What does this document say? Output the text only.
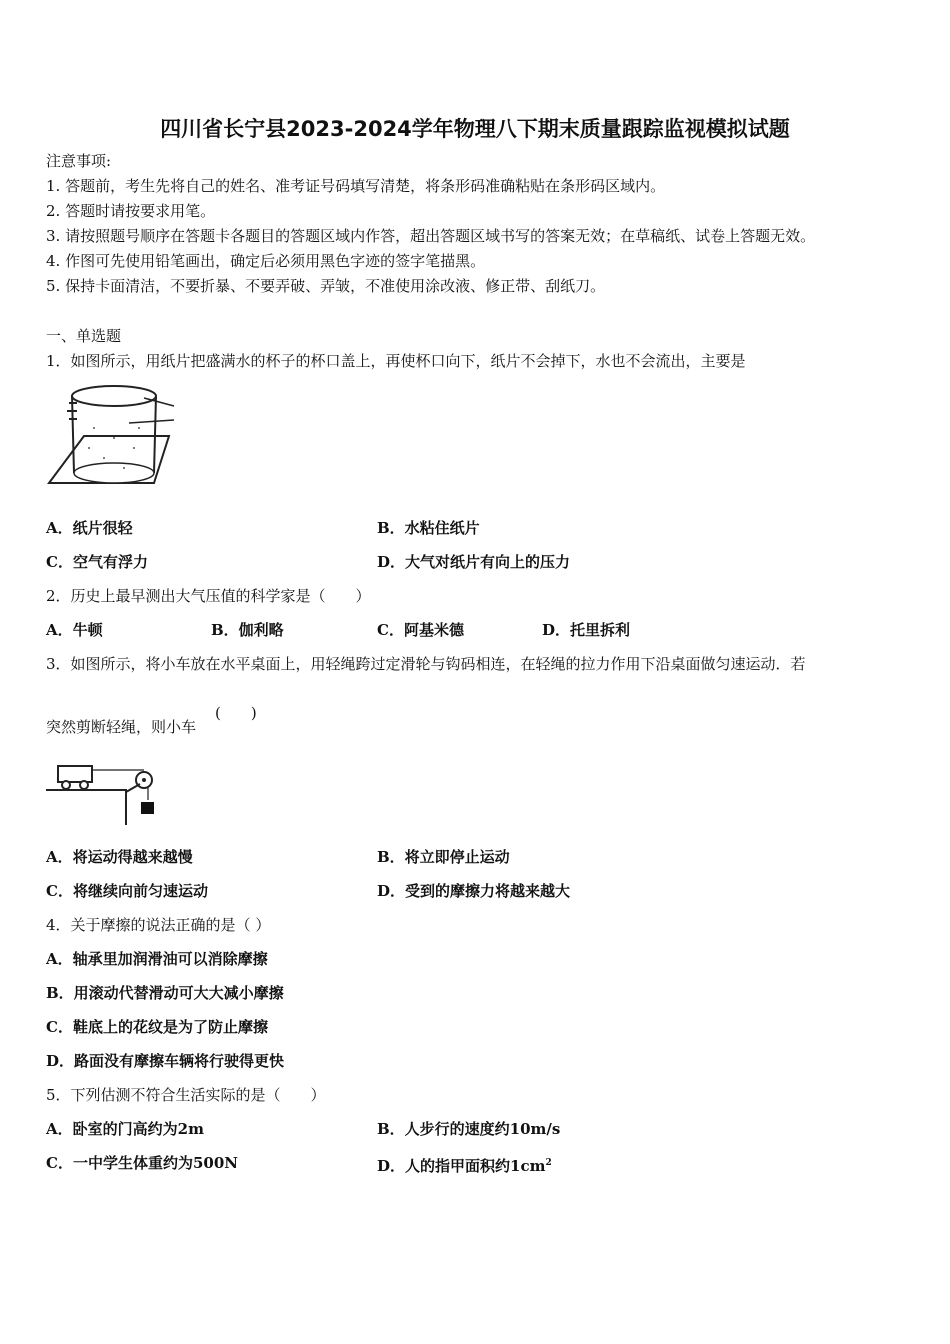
四川省长宁县2023-2024学年物理八下期末质量跟踪监视模拟试题
注意事项:
1. 答题前，考生先将自己的姓名、准考证号码填写清楚，将条形码准确粘贴在条形码区域内。
2. 答题时请按要求用笔。
3. 请按照题号顺序在答题卡各题目的答题区域内作答，超出答题区域书写的答案无效；在草稿纸、试卷上答题无效。
4. 作图可先使用铅笔画出，确定后必须用黑色字迹的签字笔描黑。
5. 保持卡面清洁，不要折暴、不要弄破、弄皱，不准使用涂改液、修正带、刮纸刀。
一、单选题
1．如图所示，用纸片把盛满水的杯子的杯口盖上，再使杯口向下，纸片不会掉下，水也不会流出，主要是
A．纸片很轻	B．水粘住纸片
C．空气有浮力	D．大气对纸片有向上的压力
2．历史上最早测出大气压值的科学家是（　　）
A．牛顿	B．伽利略	C．阿基米德	D．托里拆利
3．如图所示，将小车放在水平桌面上，用轻绳跨过定滑轮与钩码相连，在轻绳的拉力作用下沿桌面做匀速运动．若
突然剪断轻绳，则小车
(　　)
A．将运动得越来越慢	B．将立即停止运动
C．将继续向前匀速运动	D．受到的摩擦力将越来越大
4．关于摩擦的说法正确的是（ ）
A．轴承里加润滑油可以消除摩擦
B．用滚动代替滑动可大大减小摩擦
C．鞋底上的花纹是为了防止摩擦
D．路面没有摩擦车辆将行驶得更快
5．下列估测不符合生活实际的是（　　）
A．卧室的门高约为2m	B．人步行的速度约10m/s
C．一中学生体重约为500N	D．人的指甲面积约$1cm^2$
